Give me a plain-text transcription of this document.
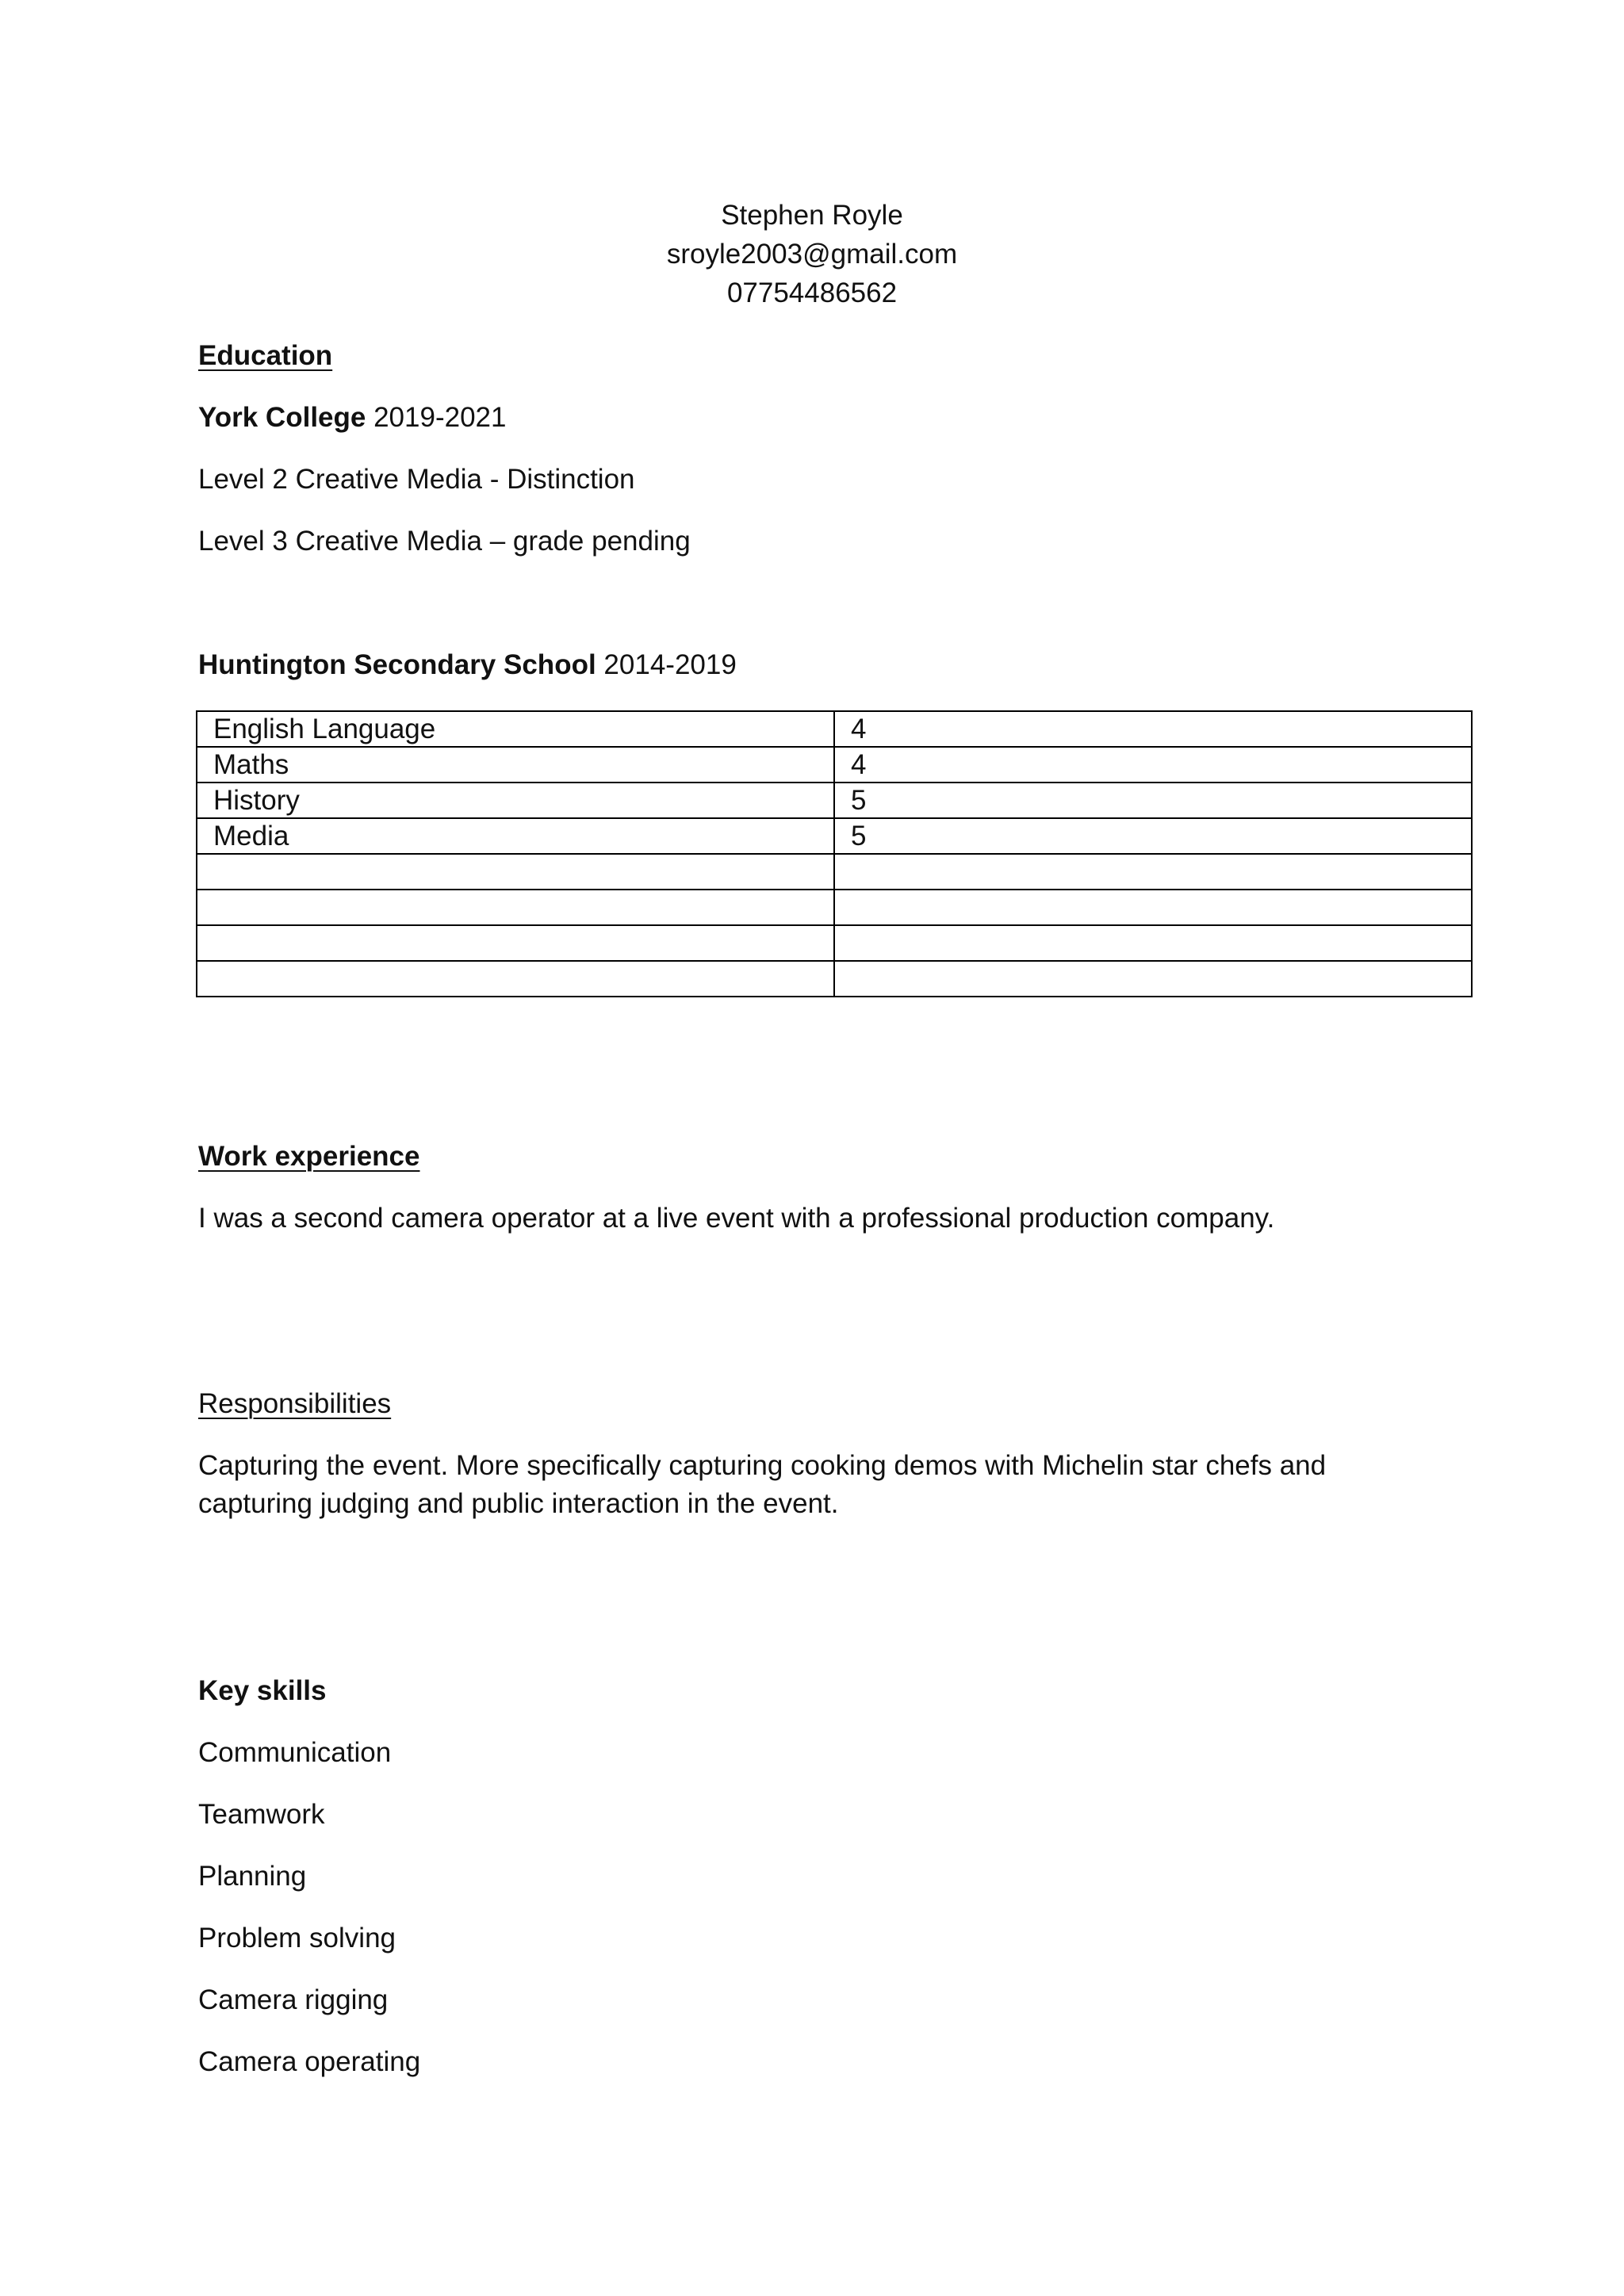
Stephen Royle
sroyle2003@gmail.com
07754486562
Education
York College 2019-2021
Level 2 Creative Media - Distinction
Level 3 Creative Media – grade pending
Huntington Secondary School 2014-2019
English Language	4
Maths	4
History	5
Media	5

Work experience
I was a second camera operator at a live event with a professional production company.
Responsibilities
Capturing the event. More specifically capturing cooking demos with Michelin star chefs and capturing judging and public interaction in the event.
Key skills
Communication
Teamwork
Planning
Problem solving
Camera rigging
Camera operating
